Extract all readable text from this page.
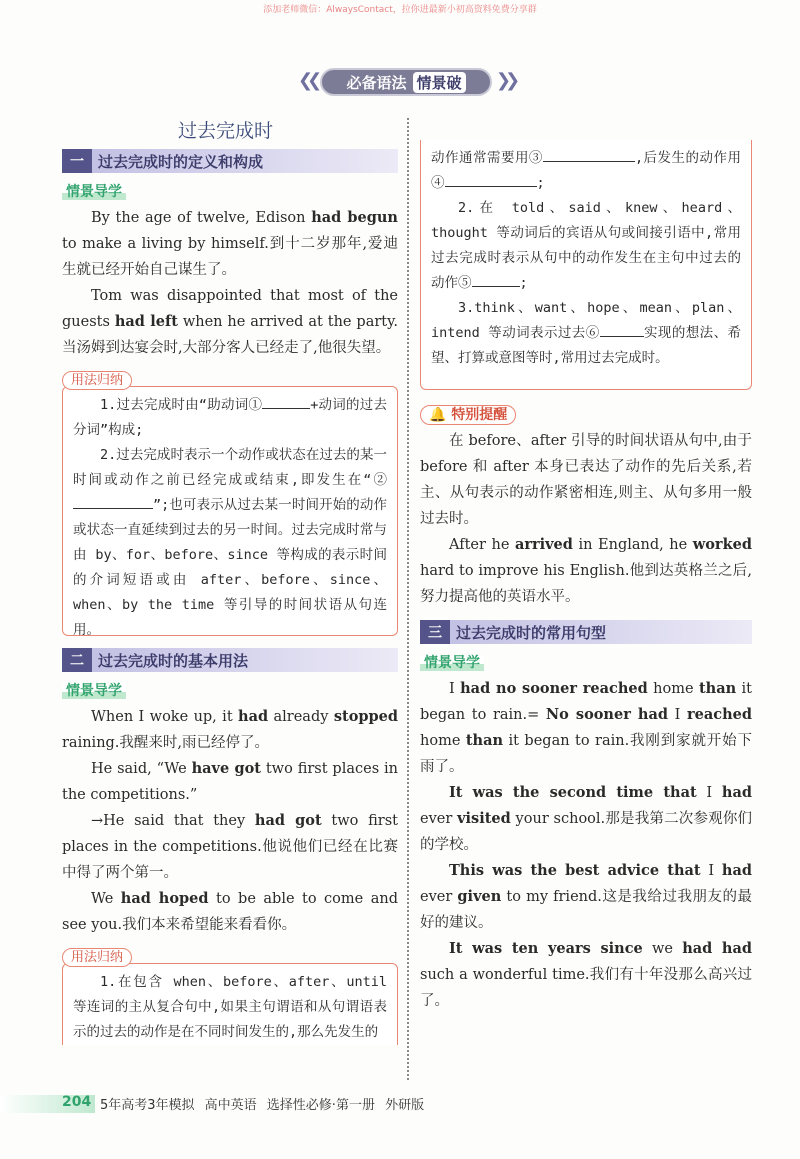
添加老师微信：AlwaysContact，拉你进最新小初高资料免费分享群
❮❮ 必备语法 情景破 ❯❯
过去完成时
一 过去完成时的定义和构成
情景导学
By the age of twelve, Edison had begun to make a living by himself.到十二岁那年,爱迪生就已经开始自己谋生了。
Tom was disappointed that most of the guests had left when he arrived at the party.当汤姆到达宴会时,大部分客人已经走了,他很失望。
用法归纳

1.过去完成时由“助动词①	+动词的过去分词”构成;

2.过去完成时表示一个动作或状态在过去的某一时间或动作之前已经完成或结束,即发生在“②”;也可表示从过去某一时间开始的动作或状态一直延续到过去的另一时间。过去完成时常与由 by、for、before、since 等构成的表示时间的介词短语或由 after、before、since、when、by the time 等引导的时间状语从句连用。

二 过去完成时的基本用法
情景导学
When I woke up, it had already stopped raining.我醒来时,雨已经停了。
He said, “We have got two first places in the competitions.”
→He said that they had got two first places in the competitions.他说他们已经在比赛中得了两个第一。
We had hoped to be able to come and see you.我们本来希望能来看看你。
用法归纳

1.在包含 when、before、after、until 等连词的主从复合句中,如果主句谓语和从句谓语表示的过去的动作是在不同时间发生的,那么先发生的

动作通常需要用③	,后发生的动作用④	;

2.在 told、said、knew、heard、thought 等动词后的宾语从句或间接引语中,常用过去完成时表示从句中的动作发生在主句中过去的动作⑤	;

3.think、want、hope、mean、plan、intend 等动词表示过去⑥	实现的想法、希望、打算或意图等时,常用过去完成时。

🔔 特别提醒
在 before、after 引导的时间状语从句中,由于 before 和 after 本身已表达了动作的先后关系,若主、从句表示的动作紧密相连,则主、从句多用一般过去时。
After he arrived in England, he worked hard to improve his English.他到达英格兰之后,努力提高他的英语水平。
三 过去完成时的常用句型
情景导学
I had no sooner reached home than it began to rain.= No sooner had I reached home than it began to rain.我刚到家就开始下雨了。
It was the second time that I had ever visited your school.那是我第二次参观你们的学校。
This was the best advice that I had ever given to my friend.这是我给过我朋友的最好的建议。
It was ten years since we had had such a wonderful time.我们有十年没那么高兴过了。
204 5年高考3年模拟 高中英语 选择性必修·第一册 外研版
